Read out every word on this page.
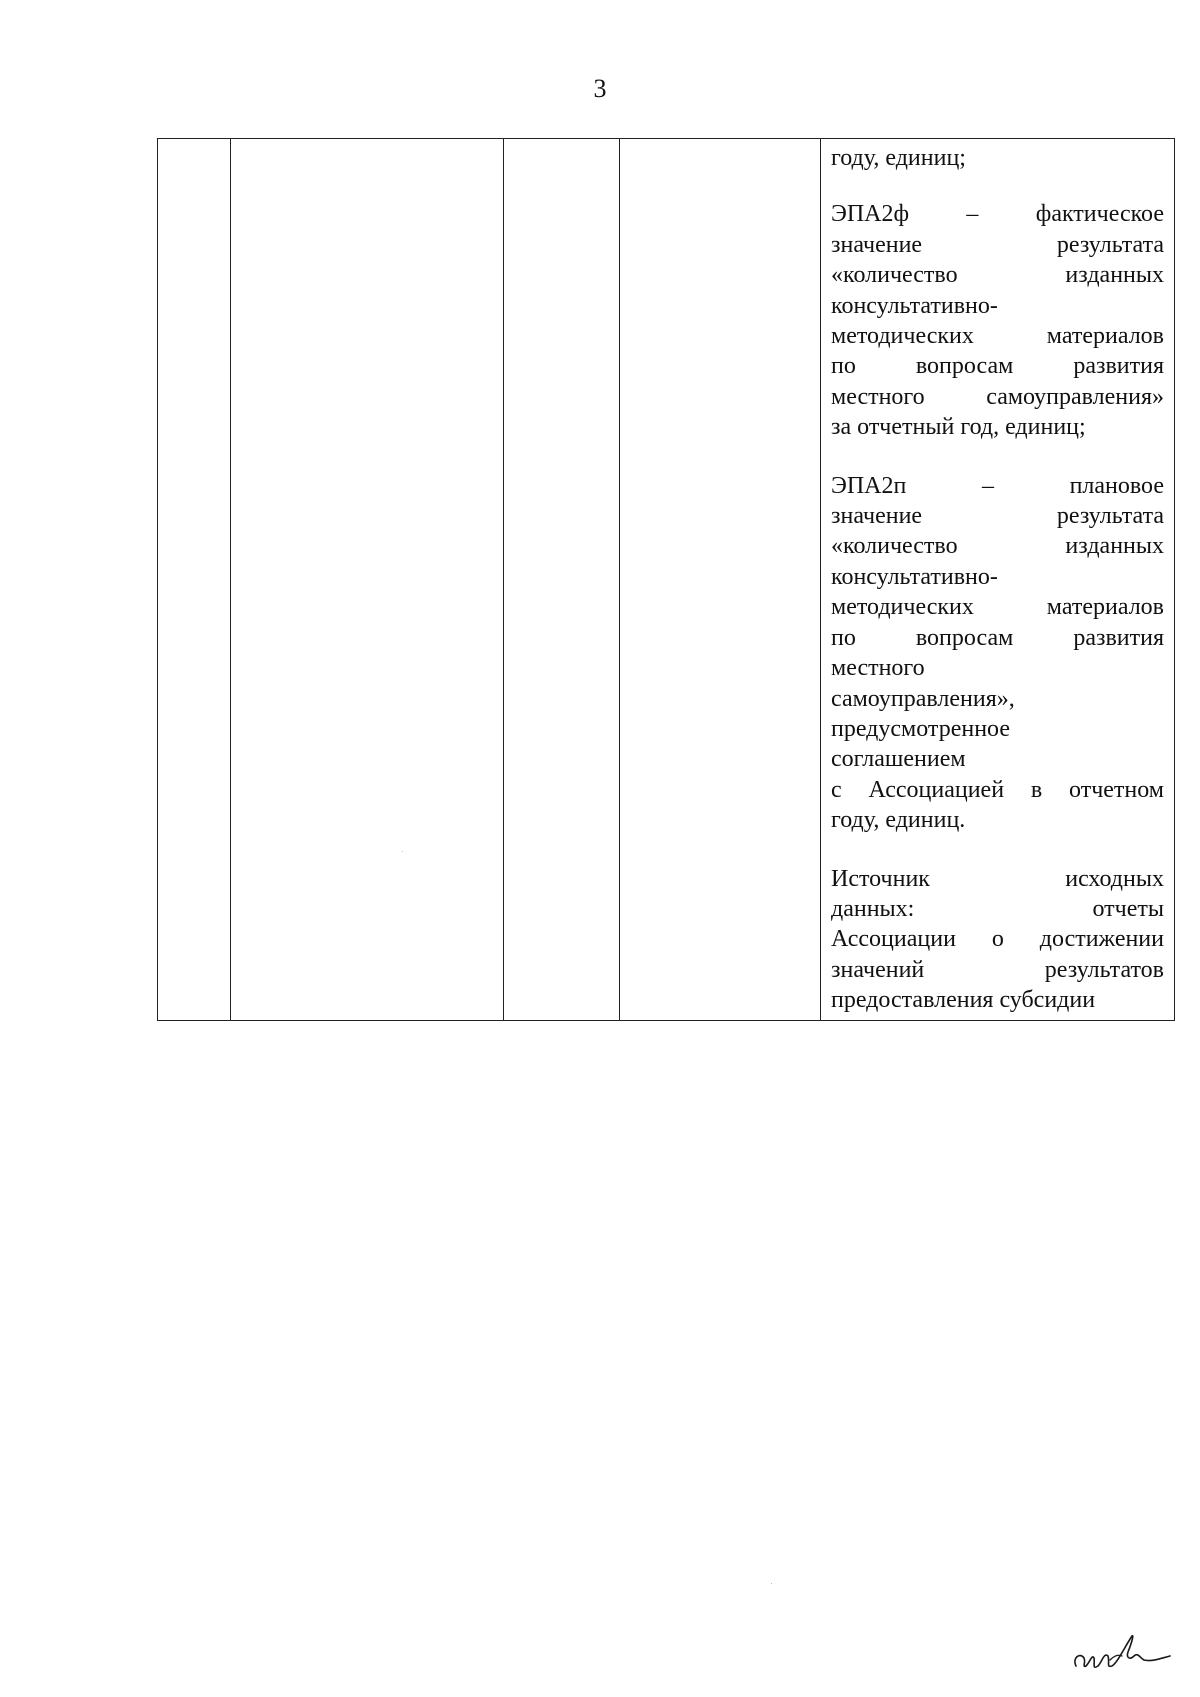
3

году, единиц;
ЭПА2ф – фактическое
значение результата
«количество изданных
консультативно-
методических материалов
по вопросам развития
местного самоуправления»
за отчетный год, единиц;
ЭПА2п – плановое
значение результата
«количество изданных
консультативно-
методических материалов
по вопросам развития
местного
самоуправления»,
предусмотренное
соглашением
с Ассоциацией в отчетном
году, единиц.
Источник исходных
данных: отчеты
Ассоциации о достижении
значений результатов
предоставления субсидии
